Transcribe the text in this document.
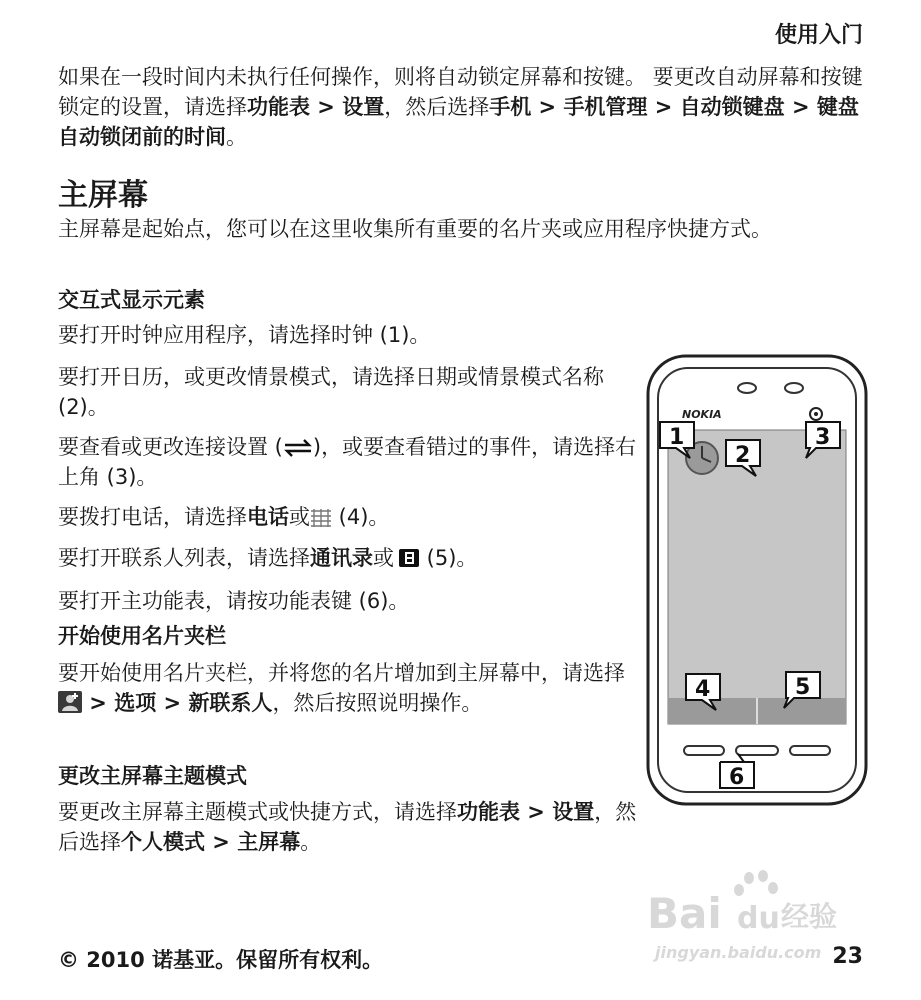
使用入门

如果在一段时间内未执行任何操作，则将自动锁定屏幕和按键。 要更改自动屏幕和按键锁定的设置，请选择功能表 > 设置，然后选择手机 > 手机管理 > 自动锁键盘 > 键盘自动锁闭前的时间。

主屏幕

主屏幕是起始点，您可以在这里收集所有重要的名片夹或应用程序快捷方式。

交互式显示元素

要打开时钟应用程序，请选择时钟 (1)。

要打开日历，或更改情景模式，请选择日期或情景模式名称 (2)。

要查看或更改连接设置 ( )，或要查看错过的事件，请选择右上角 (3)。

要拨打电话，请选择电话或 (4)。

要打开联系人列表，请选择通讯录或 (5)。

要打开主功能表，请按功能表键 (6)。

开始使用名片夹栏

要开始使用名片夹栏，并将您的名片增加到主屏幕中，请选择 > 选项 > 新联系人，然后按照说明操作。

更改主屏幕主题模式

要更改主屏幕主题模式或快捷方式，请选择功能表 > 设置，然后选择个人模式 > 主屏幕。

NOKIA
1
2
3
4	5
6
Bai du 经验
jingyan.baidu.com
© 2010 诺基亚。保留所有权利。	23
